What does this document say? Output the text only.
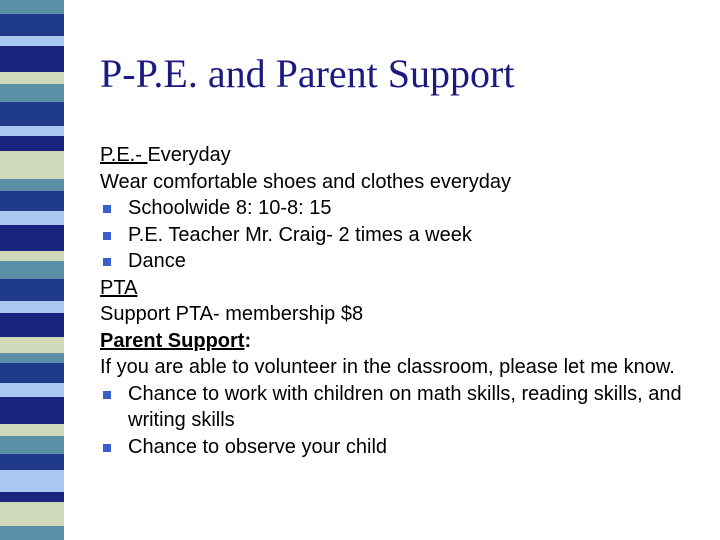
P-P.E. and Parent Support
P.E.- Everyday
Wear comfortable shoes and clothes everyday
Schoolwide 8: 10-8: 15
P.E. Teacher Mr. Craig- 2 times a week
Dance
PTA
Support PTA- membership $8
Parent Support:
If you are able to volunteer in the classroom, please let me know.
Chance to work with children on math skills, reading skills, and writing skills
Chance to observe your child
